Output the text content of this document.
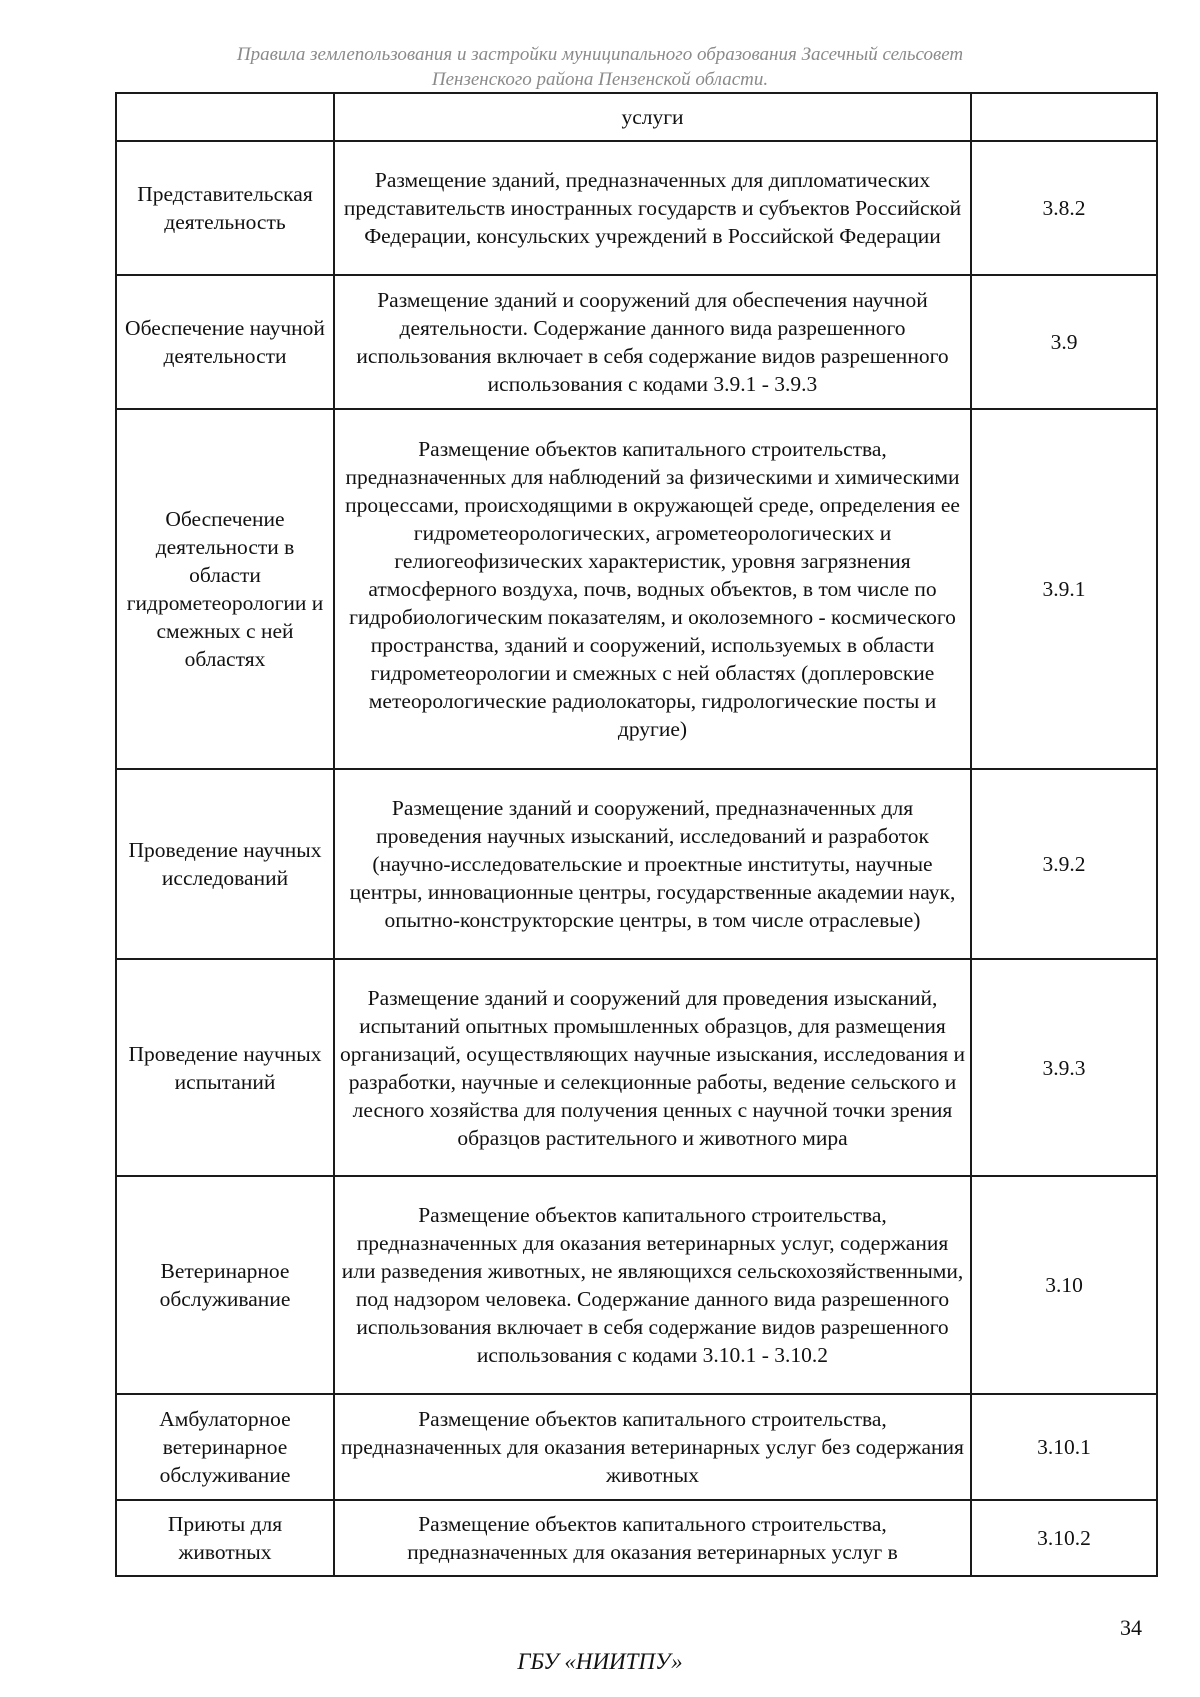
Правила землепользования и застройки муниципального образования Засечный сельсовет
Пензенского района Пензенской области.
	услуги	
Представительская деятельность	Размещение зданий, предназначенных для дипломатических представительств иностранных государств и субъектов Российской Федерации, консульских учреждений в Российской Федерации	3.8.2
Обеспечение научной деятельности	Размещение зданий и сооружений для обеспечения научной деятельности. Содержание данного вида разрешенного использования включает в себя содержание видов разрешенного использования с кодами 3.9.1 - 3.9.3	3.9
Обеспечение деятельности в области гидрометеорологии и смежных с ней областях	Размещение объектов капитального строительства, предназначенных для наблюдений за физическими и химическими процессами, происходящими в окружающей среде, определения ее гидрометеорологических, агрометеорологических и гелиогеофизических характеристик, уровня загрязнения атмосферного воздуха, почв, водных объектов, в том числе по гидробиологическим показателям, и околоземного - космического пространства, зданий и сооружений, используемых в области гидрометеорологии и смежных с ней областях (доплеровские метеорологические радиолокаторы, гидрологические посты и другие)	3.9.1
Проведение научных исследований	Размещение зданий и сооружений, предназначенных для проведения научных изысканий, исследований и разработок (научно-исследовательские и проектные институты, научные центры, инновационные центры, государственные академии наук, опытно-конструкторские центры, в том числе отраслевые)	3.9.2
Проведение научных испытаний	Размещение зданий и сооружений для проведения изысканий, испытаний опытных промышленных образцов, для размещения организаций, осуществляющих научные изыскания, исследования и разработки, научные и селекционные работы, ведение сельского и лесного хозяйства для получения ценных с научной точки зрения образцов растительного и животного мира	3.9.3
Ветеринарное обслуживание	Размещение объектов капитального строительства, предназначенных для оказания ветеринарных услуг, содержания или разведения животных, не являющихся сельскохозяйственными, под надзором человека. Содержание данного вида разрешенного использования включает в себя содержание видов разрешенного использования с кодами 3.10.1 - 3.10.2	3.10
Амбулаторное ветеринарное обслуживание	Размещение объектов капитального строительства, предназначенных для оказания ветеринарных услуг без содержания животных	3.10.1
Приюты для животных	Размещение объектов капитального строительства, предназначенных для оказания ветеринарных услуг в	3.10.2
34
ГБУ «НИИТПУ»
